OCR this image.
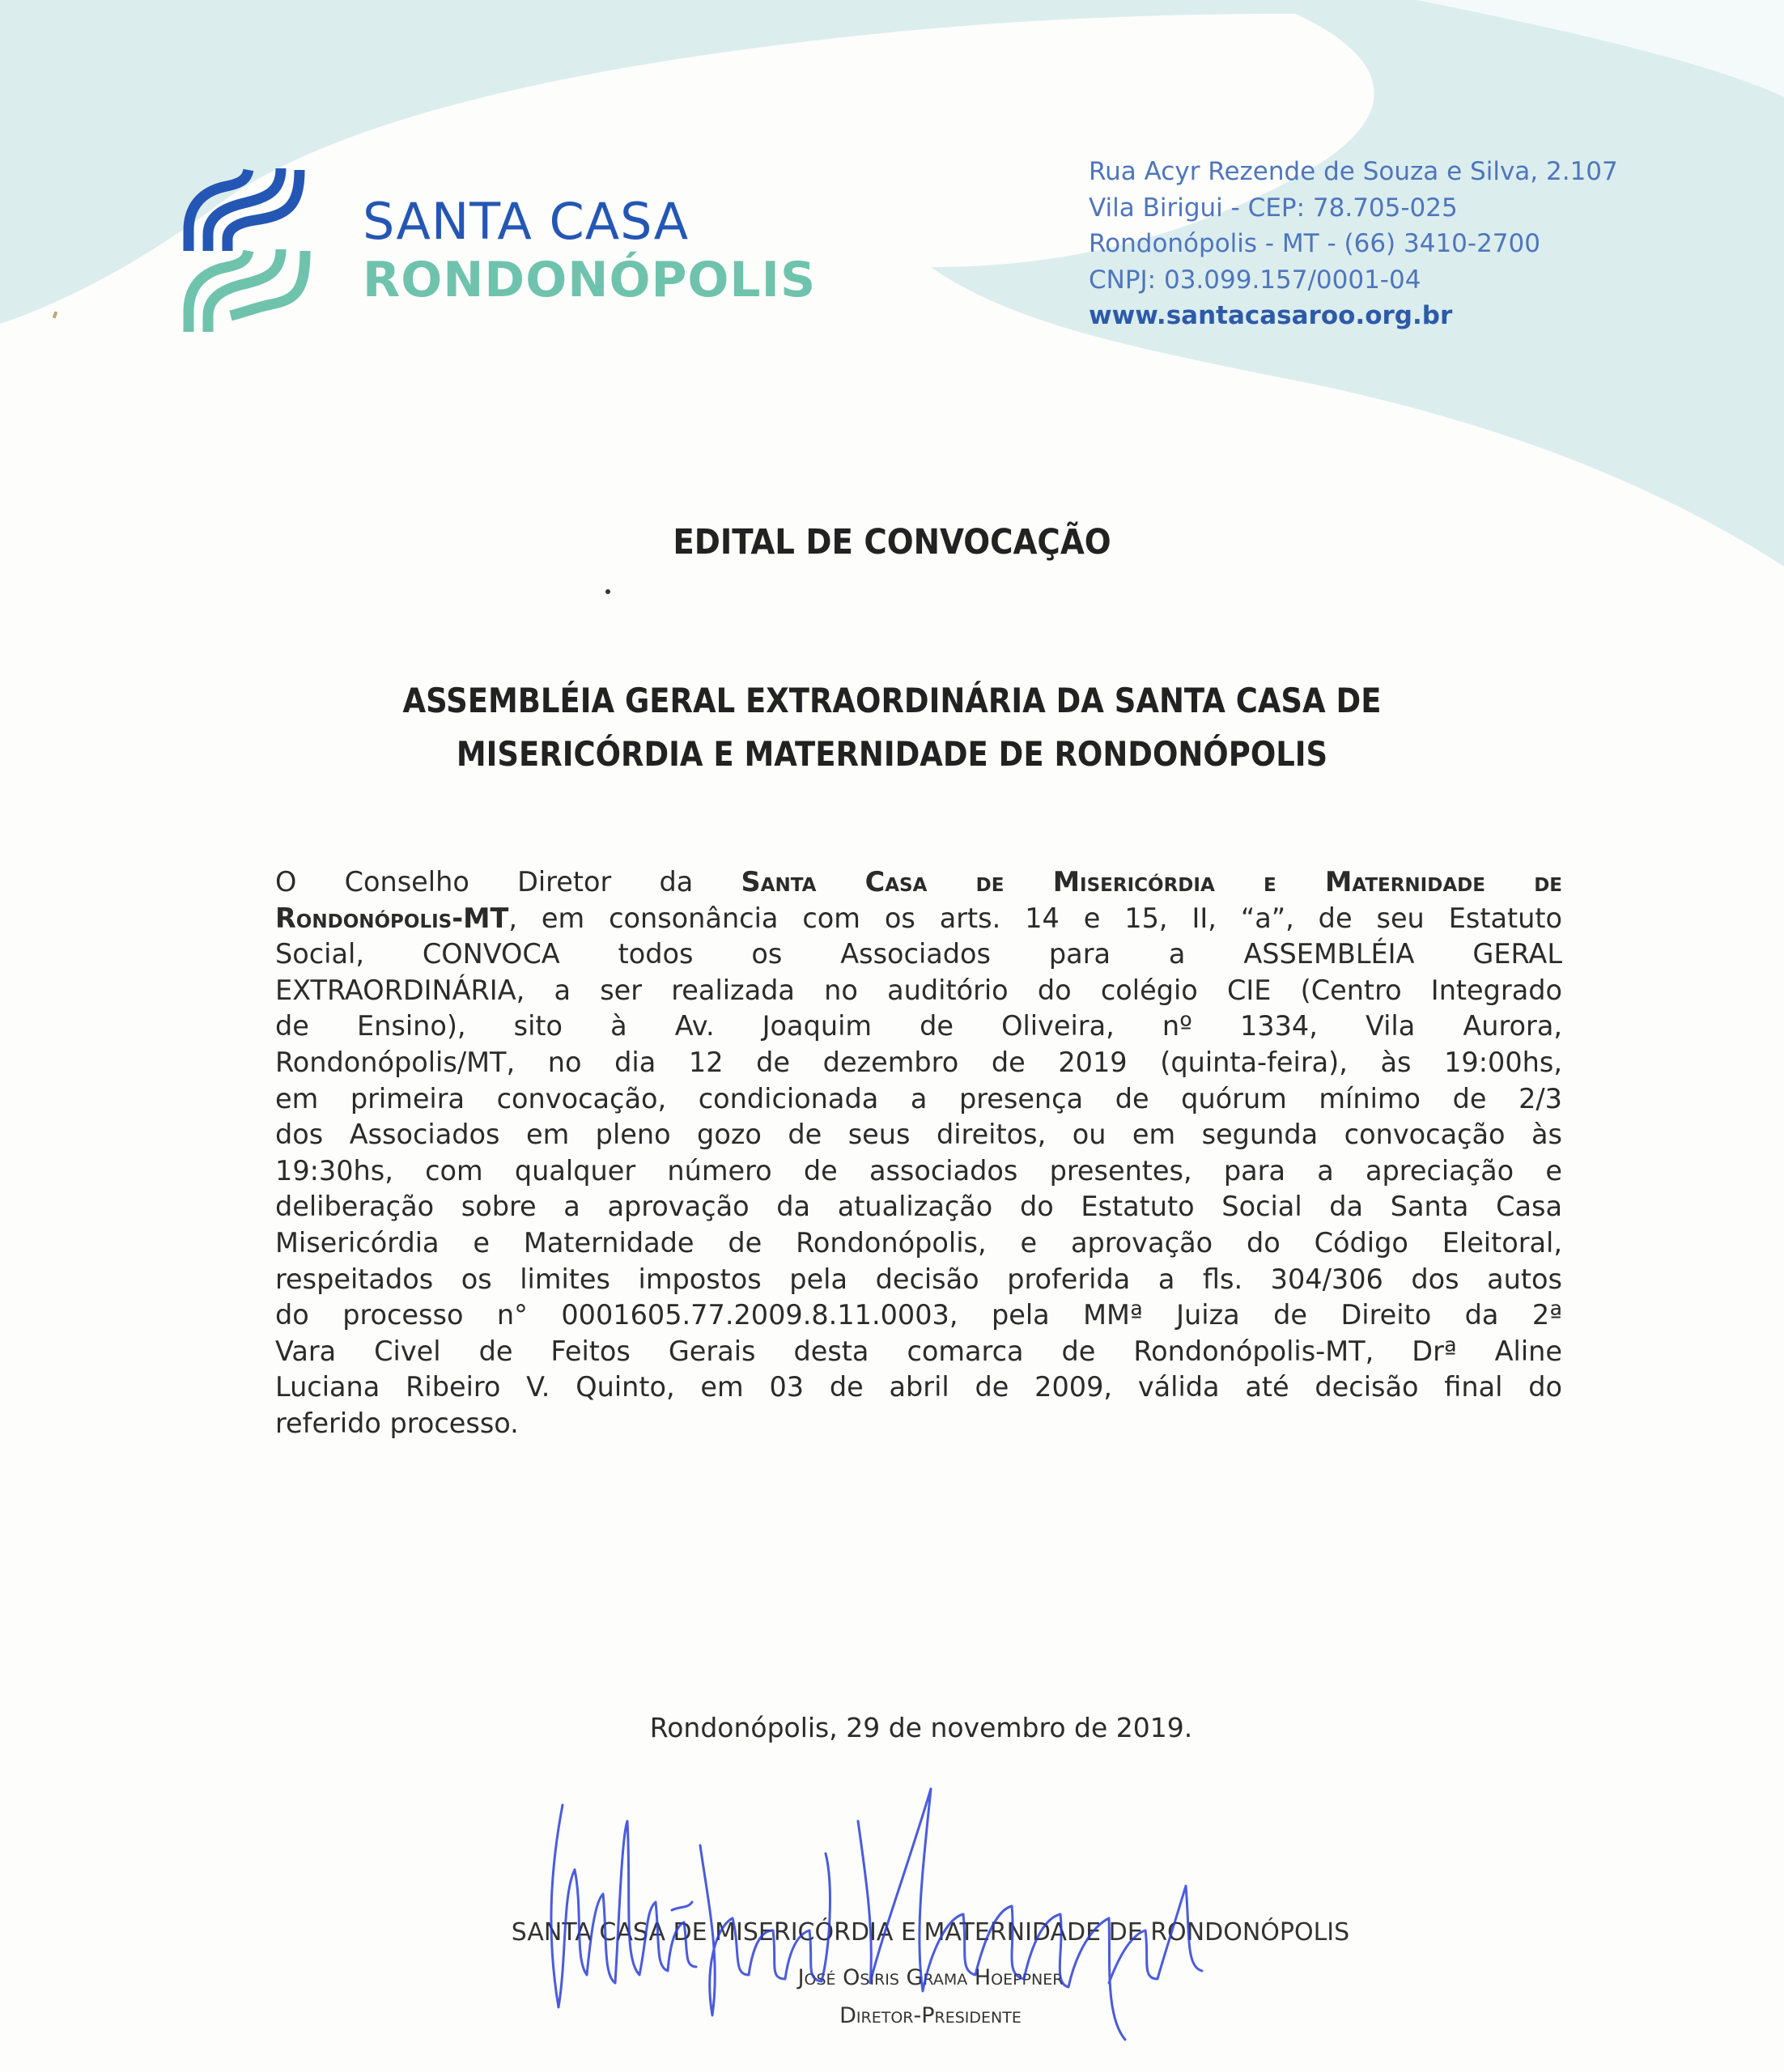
SANTA CASA
RONDONÓPOLIS
Rua Acyr Rezende de Souza e Silva, 2.107
Vila Birigui - CEP: 78.705-025
Rondonópolis - MT - (66) 3410-2700
CNPJ: 03.099.157/0001-04
www.santacasaroo.org.br
EDITAL DE CONVOCAÇÃO
ASSEMBLÉIA GERAL EXTRAORDINÁRIA DA SANTA CASA DE
MISERICÓRDIA E MATERNIDADE DE RONDONÓPOLIS
O Conselho Diretor da Santa Casa de Misericórdia e Maternidade de
Rondonópolis-MT, em consonância com os arts. 14 e 15, II, “a”, de seu Estatuto
Social, CONVOCA todos os Associados para a ASSEMBLÉIA GERAL
EXTRAORDINÁRIA, a ser realizada no auditório do colégio CIE (Centro Integrado
de Ensino), sito à Av. Joaquim de Oliveira, nº 1334, Vila Aurora,
Rondonópolis/MT, no dia 12 de dezembro de 2019 (quinta-feira), às 19:00hs,
em primeira convocação, condicionada a presença de quórum mínimo de 2/3
dos Associados em pleno gozo de seus direitos, ou em segunda convocação às
19:30hs, com qualquer número de associados presentes, para a apreciação e
deliberação sobre a aprovação da atualização do Estatuto Social da Santa Casa
Misericórdia e Maternidade de Rondonópolis, e aprovação do Código Eleitoral,
respeitados os limites impostos pela decisão proferida a fls. 304/306 dos autos
do processo n° 0001605.77.2009.8.11.0003, pela MMª Juiza de Direito da 2ª
Vara Civel de Feitos Gerais desta comarca de Rondonópolis-MT, Drª Aline
Luciana Ribeiro V. Quinto, em 03 de abril de 2009, válida até decisão final do
referido processo.
Rondonópolis, 29 de novembro de 2019.
SANTA CASA DE MISERICÓRDIA E MATERNIDADE DE RONDONÓPOLIS
José Osiris Grama Hoeppner
Diretor-Presidente
